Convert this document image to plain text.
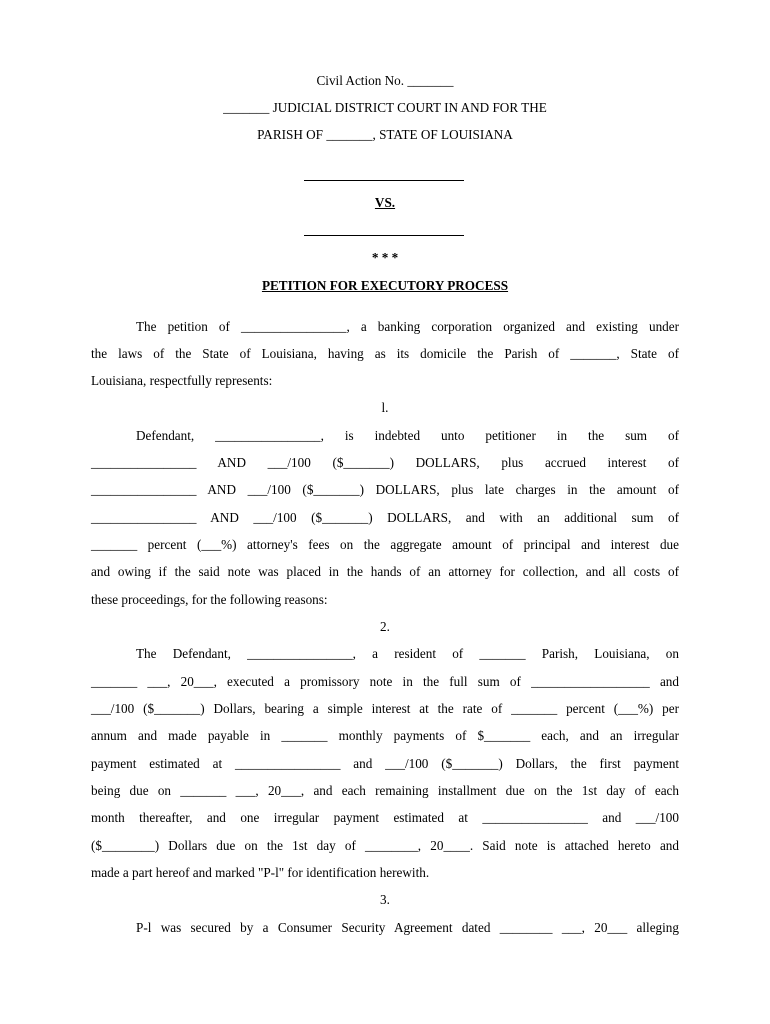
Civil Action No. _______
_______ JUDICIAL DISTRICT COURT IN AND FOR THE
PARISH OF _______, STATE OF LOUISIANA
VS.
* * *
PETITION FOR EXECUTORY PROCESS
The petition of ________________, a banking corporation organized and existing under
the laws of the State of Louisiana, having as its domicile the Parish of _______, State of
Louisiana, respectfully represents:
l.
Defendant, ________________, is indebted unto petitioner in the sum of
________________ AND ___/100 ($_______) DOLLARS, plus accrued interest of
________________ AND ___/100 ($_______) DOLLARS, plus late charges in the amount of
________________ AND ___/100 ($_______) DOLLARS, and with an additional sum of
_______ percent (___%) attorney's fees on the aggregate amount of principal and interest due
and owing if the said note was placed in the hands of an attorney for collection, and all costs of
these proceedings, for the following reasons:
2.
The Defendant, ________________, a resident of _______ Parish, Louisiana, on
_______ ___, 20___, executed a promissory note in the full sum of __________________ and
___/100 ($_______) Dollars, bearing a simple interest at the rate of _______ percent (___%) per
annum and made payable in _______ monthly payments of $_______ each, and an irregular
payment estimated at ________________ and ___/100 ($_______) Dollars, the first payment
being due on _______ ___, 20___, and each remaining installment due on the 1st day of each
month thereafter, and one irregular payment estimated at ________________ and ___/100
($________) Dollars due on the 1st day of ________, 20____. Said note is attached hereto and
made a part hereof and marked "P-l" for identification herewith.
3.
P-l was secured by a Consumer Security Agreement dated ________ ___, 20___ alleging
